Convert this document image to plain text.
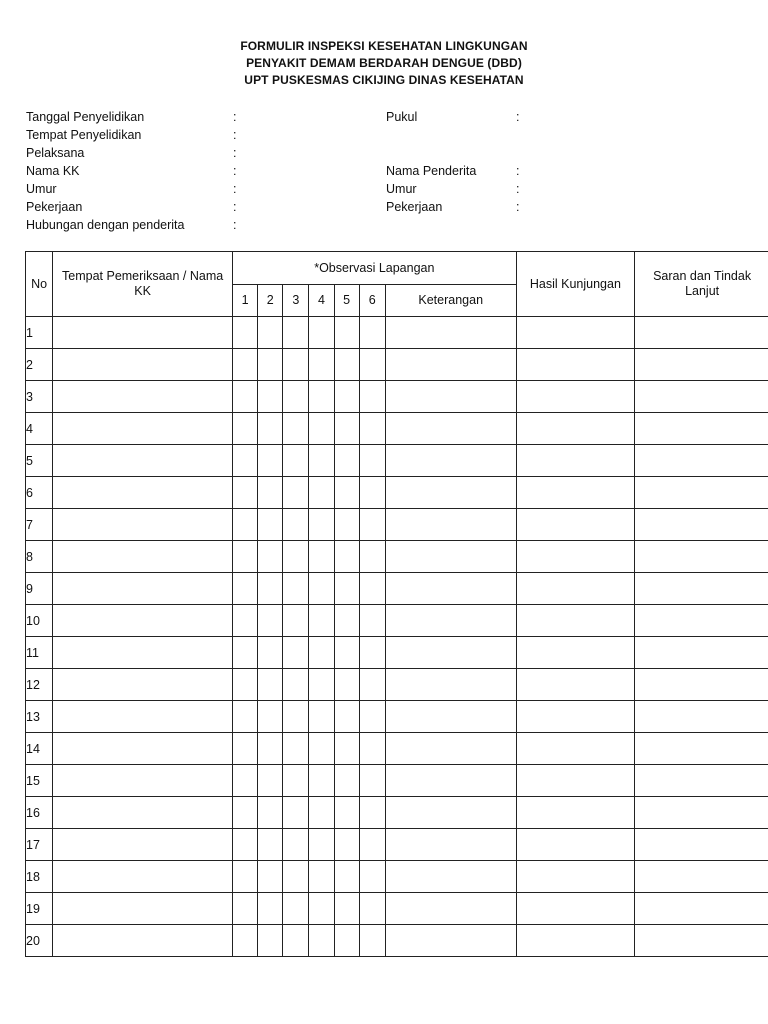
FORMULIR INSPEKSI KESEHATAN LINGKUNGAN
PENYAKIT DEMAM BERDARAH DENGUE (DBD)
UPT PUSKESMAS CIKIJING DINAS KESEHATAN
Tanggal Penyelidikan	:	Pukul	:
Tempat Penyelidikan	:
Pelaksana	:
Nama KK	:	Nama Penderita	:
Umur	:	Umur	:
Pekerjaan	:	Pekerjaan	:
Hubungan dengan penderita	:
No	Tempat Pemeriksaan / Nama KK	*Observasi Lapangan							Hasil Kunjungan	Saran dan Tindak Lanjut
		1	2	3	4	5	6	Keterangan		
1										
2										
3										
4										
5										
6										
7										
8										
9										
10										
11										
12										
13										
14										
15										
16										
17										
18										
19										
20										
